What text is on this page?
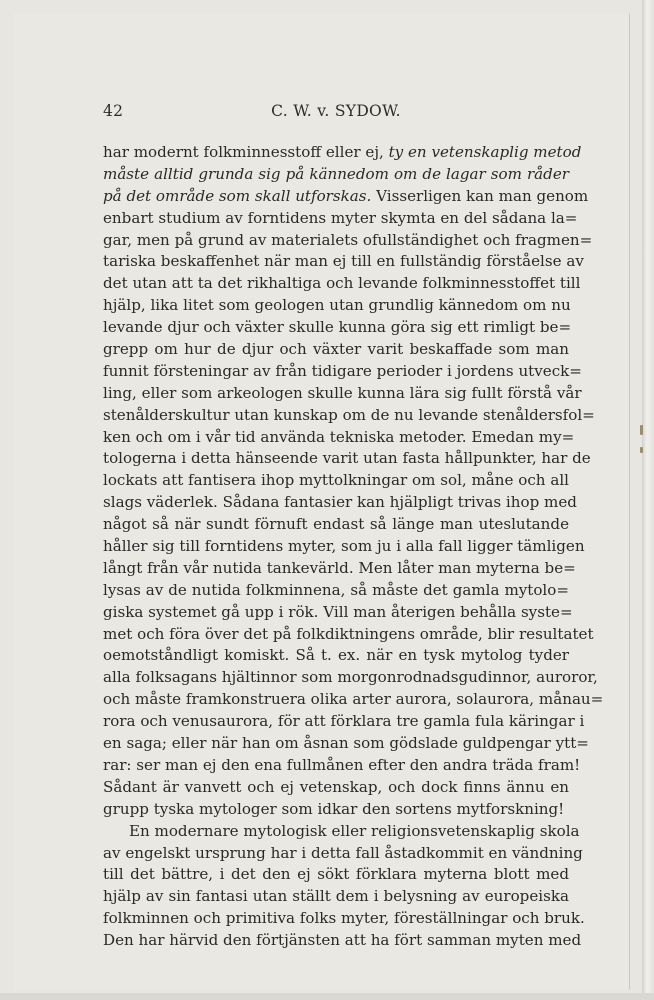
42	C. W. v. SYDOW.
har modernt folkminnesstoff eller ej, ty en vetenskaplig metod
måste alltid grunda sig på kännedom om de lagar som råder
på det område som skall utforskas. Visserligen kan man genom
enbart studium av forntidens myter skymta en del sådana la=
gar, men på grund av materialets ofullständighet och fragmen=
tariska beskaffenhet när man ej till en fullständig förståelse av
det utan att ta det rikhaltiga och levande folkminnesstoffet till
hjälp, lika litet som geologen utan grundlig kännedom om nu
levande djur och växter skulle kunna göra sig ett rimligt be=
grepp om hur de djur och växter varit beskaffade som man
funnit försteningar av från tidigare perioder i jordens utveck=
ling, eller som arkeologen skulle kunna lära sig fullt förstå vår
stenålderskultur utan kunskap om de nu levande stenåldersfol=
ken och om i vår tid använda tekniska metoder. Emedan my=
tologerna i detta hänseende varit utan fasta hållpunkter, har de
lockats att fantisera ihop myttolkningar om sol, måne och all
slags väderlek. Sådana fantasier kan hjälpligt trivas ihop med
något så när sundt förnuft endast så länge man uteslutande
håller sig till forntidens myter, som ju i alla fall ligger tämligen
långt från vår nutida tankevärld. Men låter man myterna be=
lysas av de nutida folkminnena, så måste det gamla mytolo=
giska systemet gå upp i rök. Vill man återigen behålla syste=
met och föra över det på folkdiktningens område, blir resultatet
oemotståndligt komiskt. Så t. ex. när en tysk mytolog tyder
alla folksagans hjältinnor som morgonrodnadsgudinnor, auroror,
och måste framkonstruera olika arter aurora, solaurora, månau=
rora och venusaurora, för att förklara tre gamla fula käringar i
en saga; eller när han om åsnan som gödslade guldpengar ytt=
rar: ser man ej den ena fullmånen efter den andra träda fram!
Sådant är vanvett och ej vetenskap, och dock finns ännu en
grupp tyska mytologer som idkar den sortens mytforskning!
En modernare mytologisk eller religionsvetenskaplig skola
av engelskt ursprung har i detta fall åstadkommit en vändning
till det bättre, i det den ej sökt förklara myterna blott med
hjälp av sin fantasi utan ställt dem i belysning av europeiska
folkminnen och primitiva folks myter, föreställningar och bruk.
Den har härvid den förtjänsten att ha fört samman myten med
